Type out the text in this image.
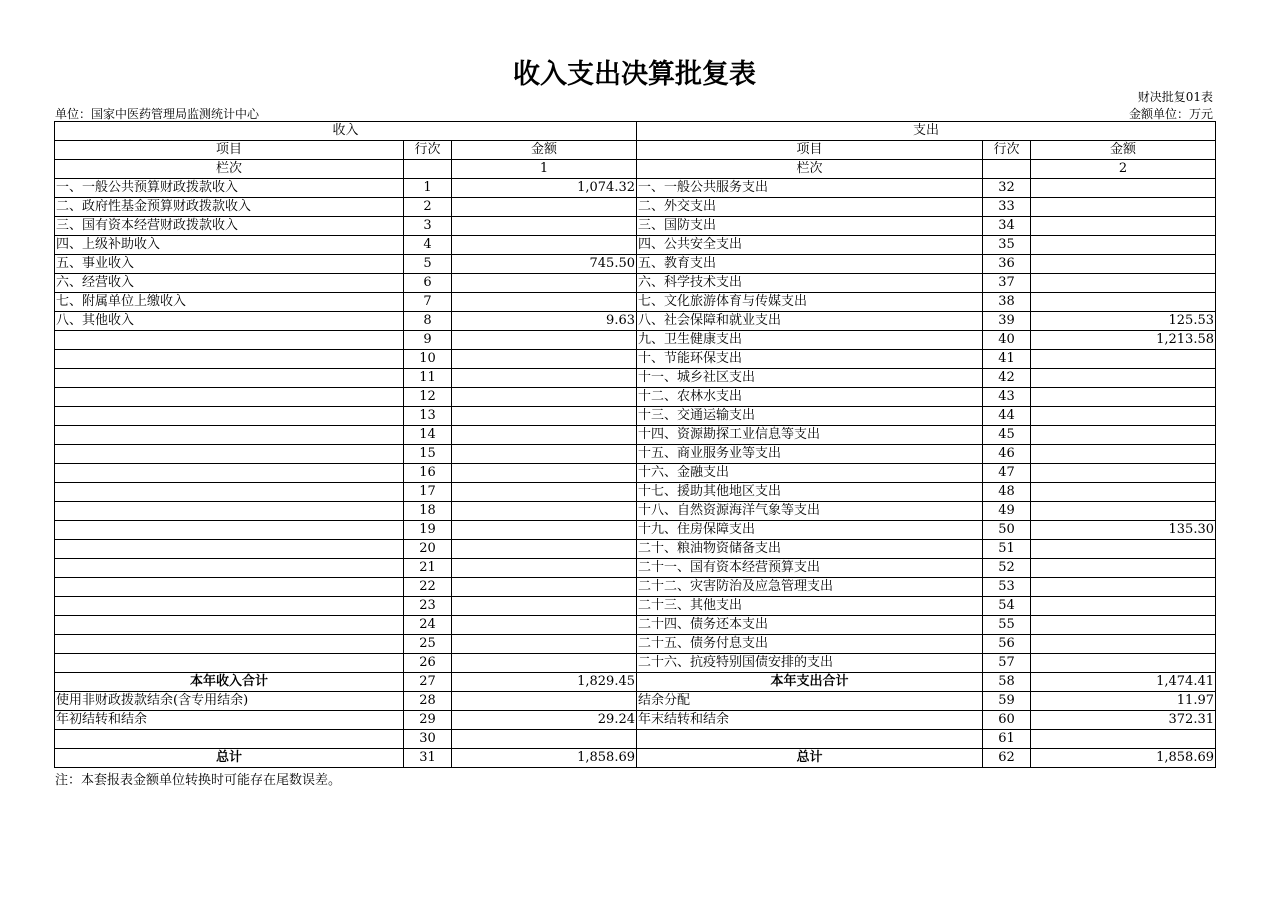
收入支出决算批复表
财决批复01表
单位：国家中医药管理局监测统计中心	金额单位：万元
收入			支出		
项目	行次	金额	项目	行次	金额
栏次		1	栏次		2
一、一般公共预算财政拨款收入	1	1,074.32	一、一般公共服务支出	32	
二、政府性基金预算财政拨款收入	2		二、外交支出	33	
三、国有资本经营财政拨款收入	3		三、国防支出	34	
四、上级补助收入	4		四、公共安全支出	35	
五、事业收入	5	745.50	五、教育支出	36	
六、经营收入	6		六、科学技术支出	37	
七、附属单位上缴收入	7		七、文化旅游体育与传媒支出	38	
八、其他收入	8	9.63	八、社会保障和就业支出	39	125.53
	9		九、卫生健康支出	40	1,213.58
	10		十、节能环保支出	41	
	11		十一、城乡社区支出	42	
	12		十二、农林水支出	43	
	13		十三、交通运输支出	44	
	14		十四、资源勘探工业信息等支出	45	
	15		十五、商业服务业等支出	46	
	16		十六、金融支出	47	
	17		十七、援助其他地区支出	48	
	18		十八、自然资源海洋气象等支出	49	
	19		十九、住房保障支出	50	135.30
	20		二十、粮油物资储备支出	51	
	21		二十一、国有资本经营预算支出	52	
	22		二十二、灾害防治及应急管理支出	53	
	23		二十三、其他支出	54	
	24		二十四、债务还本支出	55	
	25		二十五、债务付息支出	56	
	26		二十六、抗疫特别国债安排的支出	57	
本年收入合计	27	1,829.45	本年支出合计	58	1,474.41
使用非财政拨款结余(含专用结余)	28		结余分配	59	11.97
年初结转和结余	29	29.24	年末结转和结余	60	372.31
	30			61	
总计	31	1,858.69	总计	62	1,858.69
注：本套报表金额单位转换时可能存在尾数误差。
